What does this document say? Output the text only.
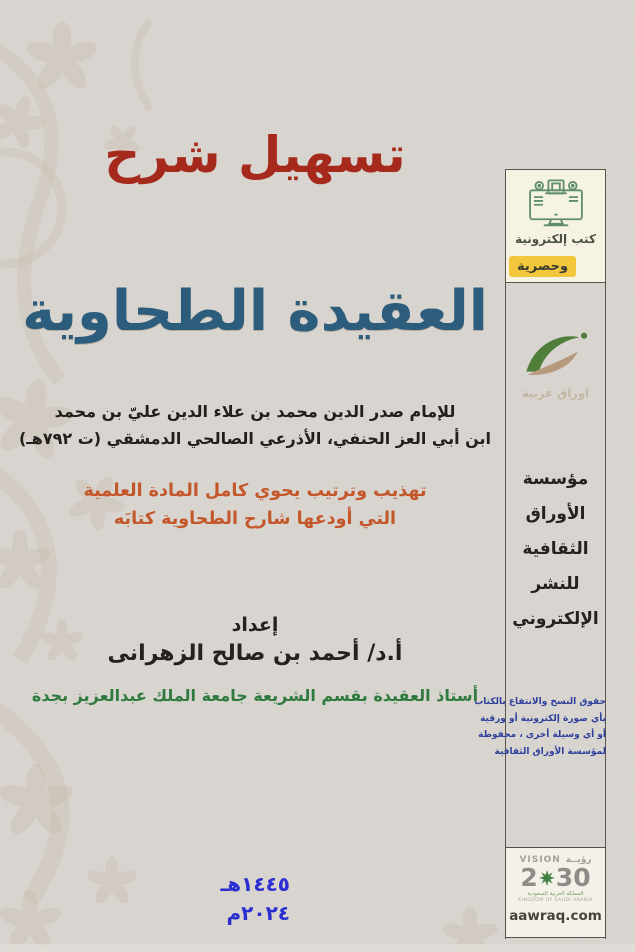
تسهيل شرح
العقيدة الطحاوية
للإمام صدر الدين محمد بن علاء الدين عليّ بن محمد
ابن أبي العز الحنفي، الأذرعي الصالحي الدمشقي (ت ٧٩٢هـ)
تهذيب وترتيب يحوي كامل المادة العلمية
التي أودعها شارح الطحاوية كتابَه
إعداد
أ.د/ أحمد بن صالح الزهرانى
أستاذ العقيدة بقسم الشريعة جامعة الملك عبدالعزيز بجدة
١٤٤٥هـ
٢٠٢٤م
كتب إلكترونية
وحصرية
اوراق عربية
مؤسسة
الأوراق
الثقافية
للنشر
الإلكتروني
حقوق النسخ والانتفاع بالكتاب
بأي صورة إلكترونية أو ورقية
أو أي وسيلة أخرى ، محفوظة
لمؤسسة الأوراق الثقافية
VISION رؤيــة
2 30
المملكة العربية السعودية
KINGDOM OF SAUDI ARABIA
aawraq.com
